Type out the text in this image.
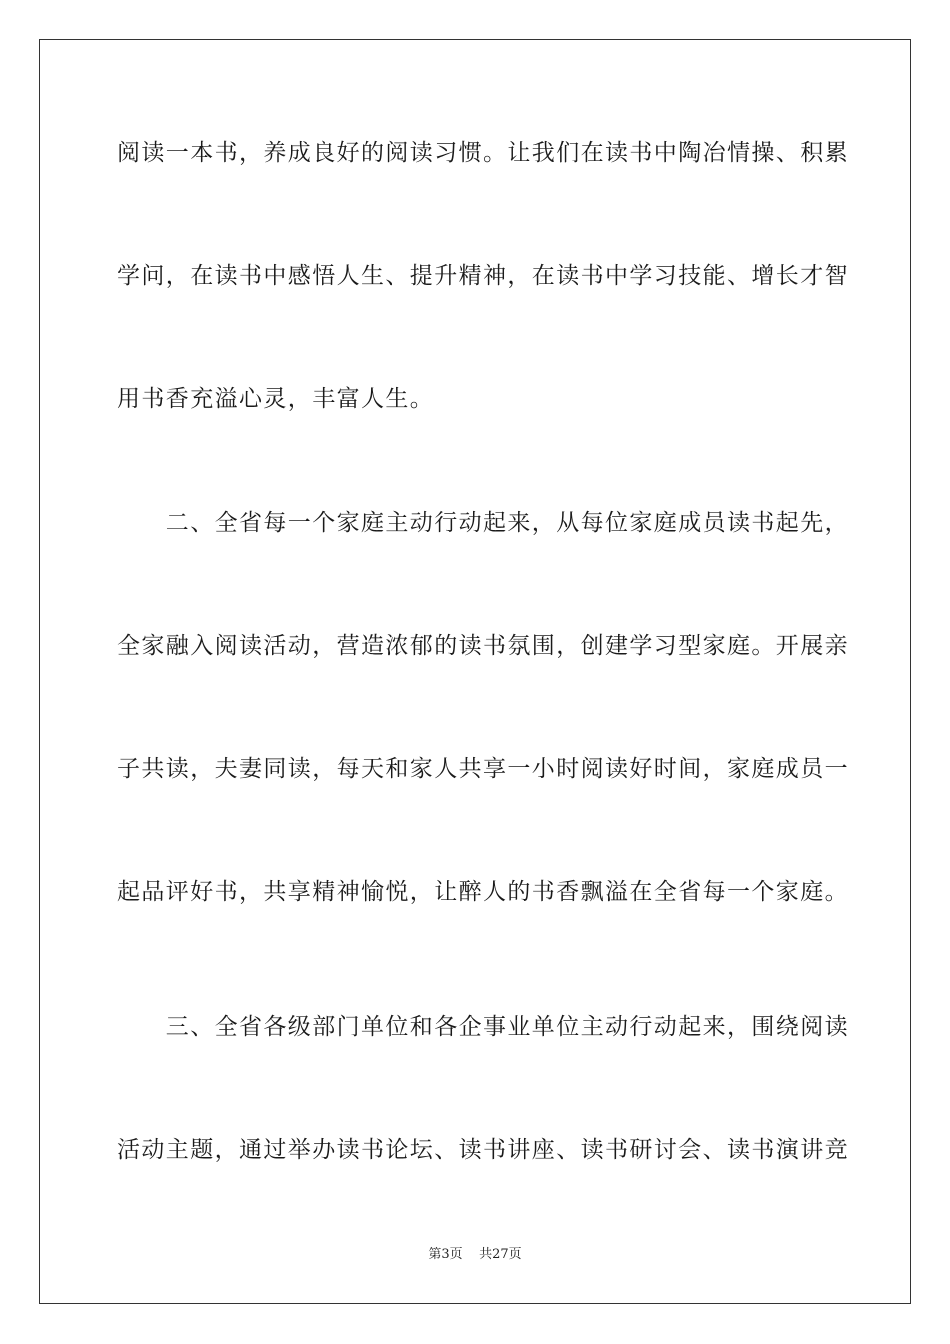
阅读一本书，养成良好的阅读习惯。让我们在读书中陶冶情操、积累
学问，在读书中感悟人生、提升精神，在读书中学习技能、增长才智
用书香充溢心灵，丰富人生。
　　二、全省每一个家庭主动行动起来，从每位家庭成员读书起先，
全家融入阅读活动，营造浓郁的读书氛围，创建学习型家庭。开展亲
子共读，夫妻同读，每天和家人共享一小时阅读好时间，家庭成员一
起品评好书，共享精神愉悦，让醉人的书香飘溢在全省每一个家庭。
　　三、全省各级部门单位和各企事业单位主动行动起来，围绕阅读
活动主题，通过举办读书论坛、读书讲座、读书研讨会、读书演讲竞
第3页 共27页
